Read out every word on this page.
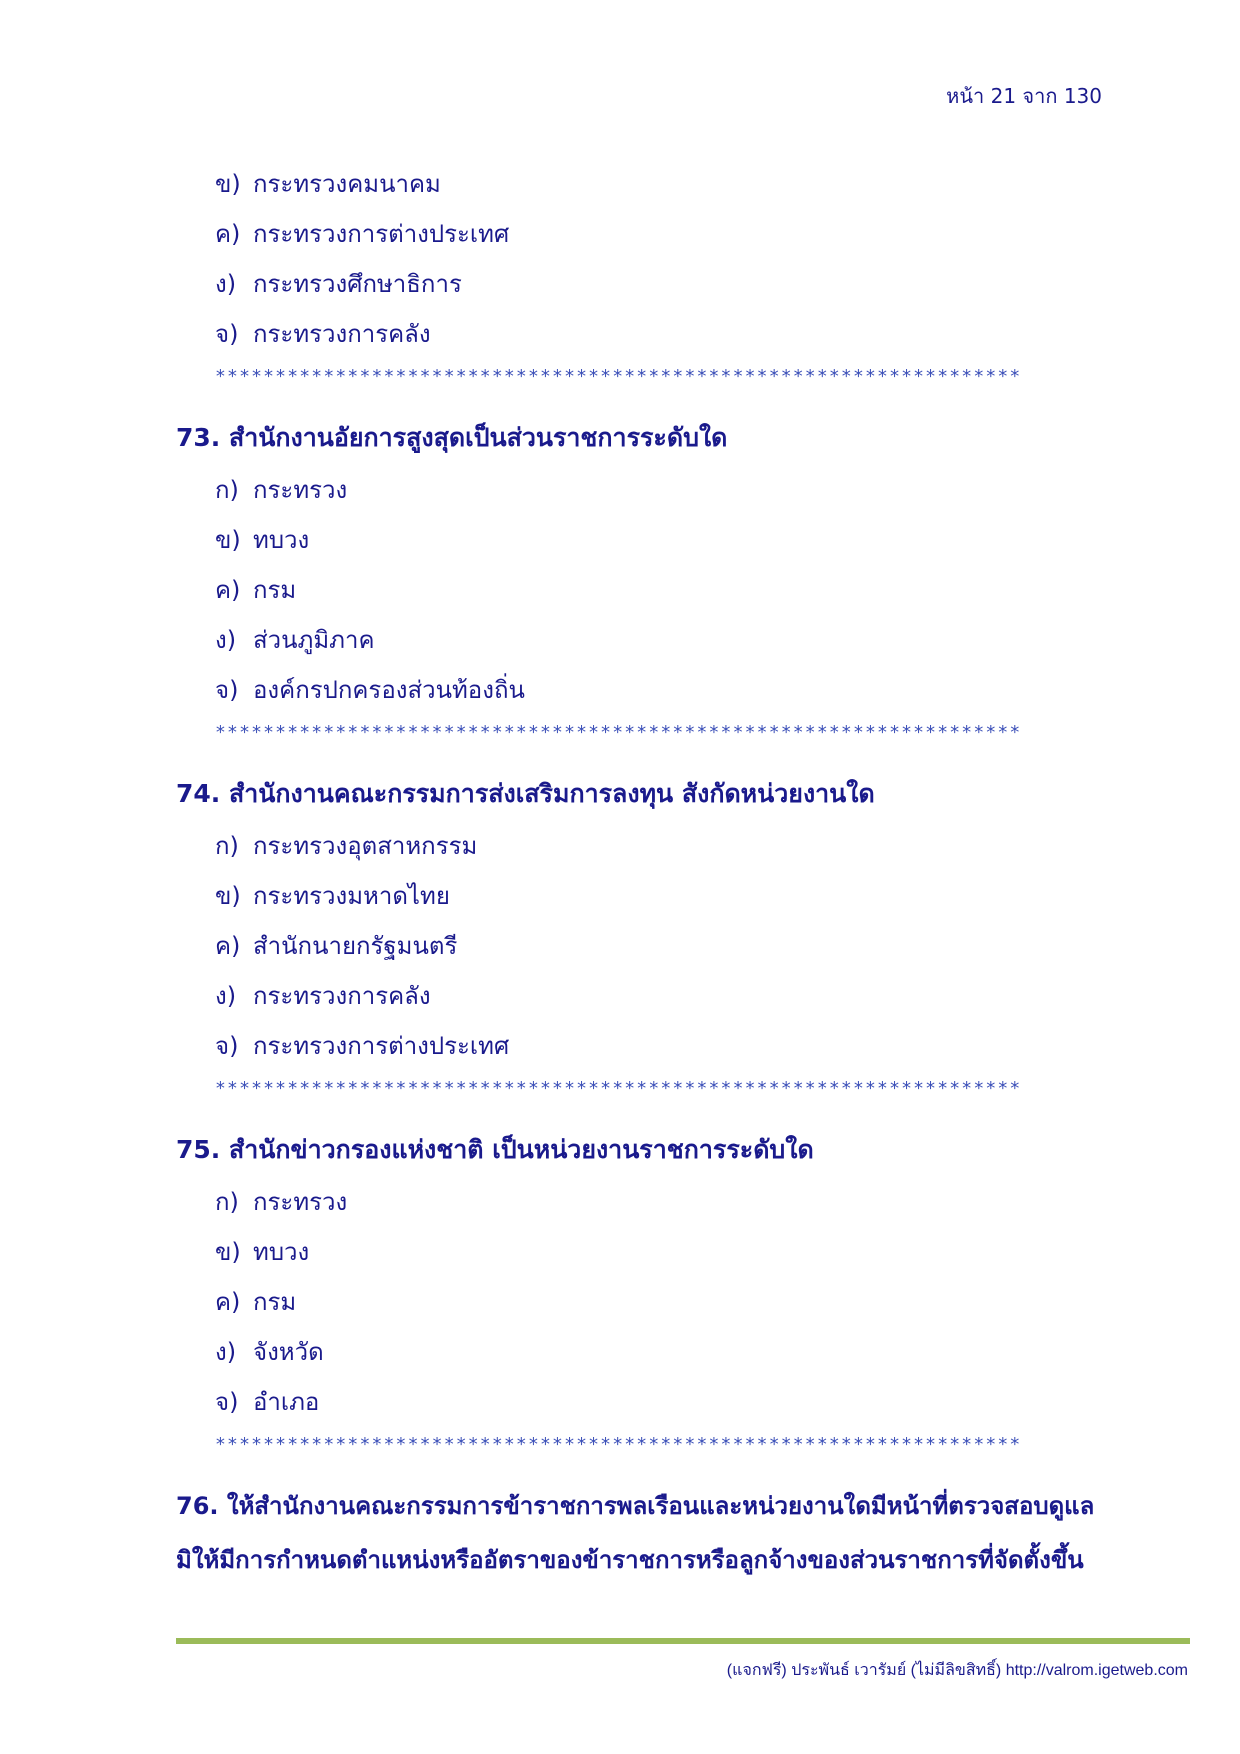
หน้า 21 จาก 130
ข) กระทรวงคมนาคม
ค) กระทรวงการต่างประเทศ
ง) กระทรวงศึกษาธิการ
จ) กระทรวงการคลัง
*******************************************************************
73. สำนักงานอัยการสูงสุดเป็นส่วนราชการระดับใด
ก) กระทรวง
ข) ทบวง
ค) กรม
ง) ส่วนภูมิภาค
จ) องค์กรปกครองส่วนท้องถิ่น
*******************************************************************
74. สำนักงานคณะกรรมการส่งเสริมการลงทุน สังกัดหน่วยงานใด
ก) กระทรวงอุตสาหกรรม
ข) กระทรวงมหาดไทย
ค) สำนักนายกรัฐมนตรี
ง) กระทรวงการคลัง
จ) กระทรวงการต่างประเทศ
*******************************************************************
75. สำนักข่าวกรองแห่งชาติ เป็นหน่วยงานราชการระดับใด
ก) กระทรวง
ข) ทบวง
ค) กรม
ง) จังหวัด
จ) อำเภอ
*******************************************************************
76. ให้สำนักงานคณะกรรมการข้าราชการพลเรือนและหน่วยงานใดมีหน้าที่ตรวจสอบดูแล
มิให้มีการกำหนดตำแหน่งหรืออัตราของข้าราชการหรือลูกจ้างของส่วนราชการที่จัดตั้งขึ้น
(แจกฟรี) ประพันธ์ เวารัมย์ (ไม่มีลิขสิทธิ์) http://valrom.igetweb.com
